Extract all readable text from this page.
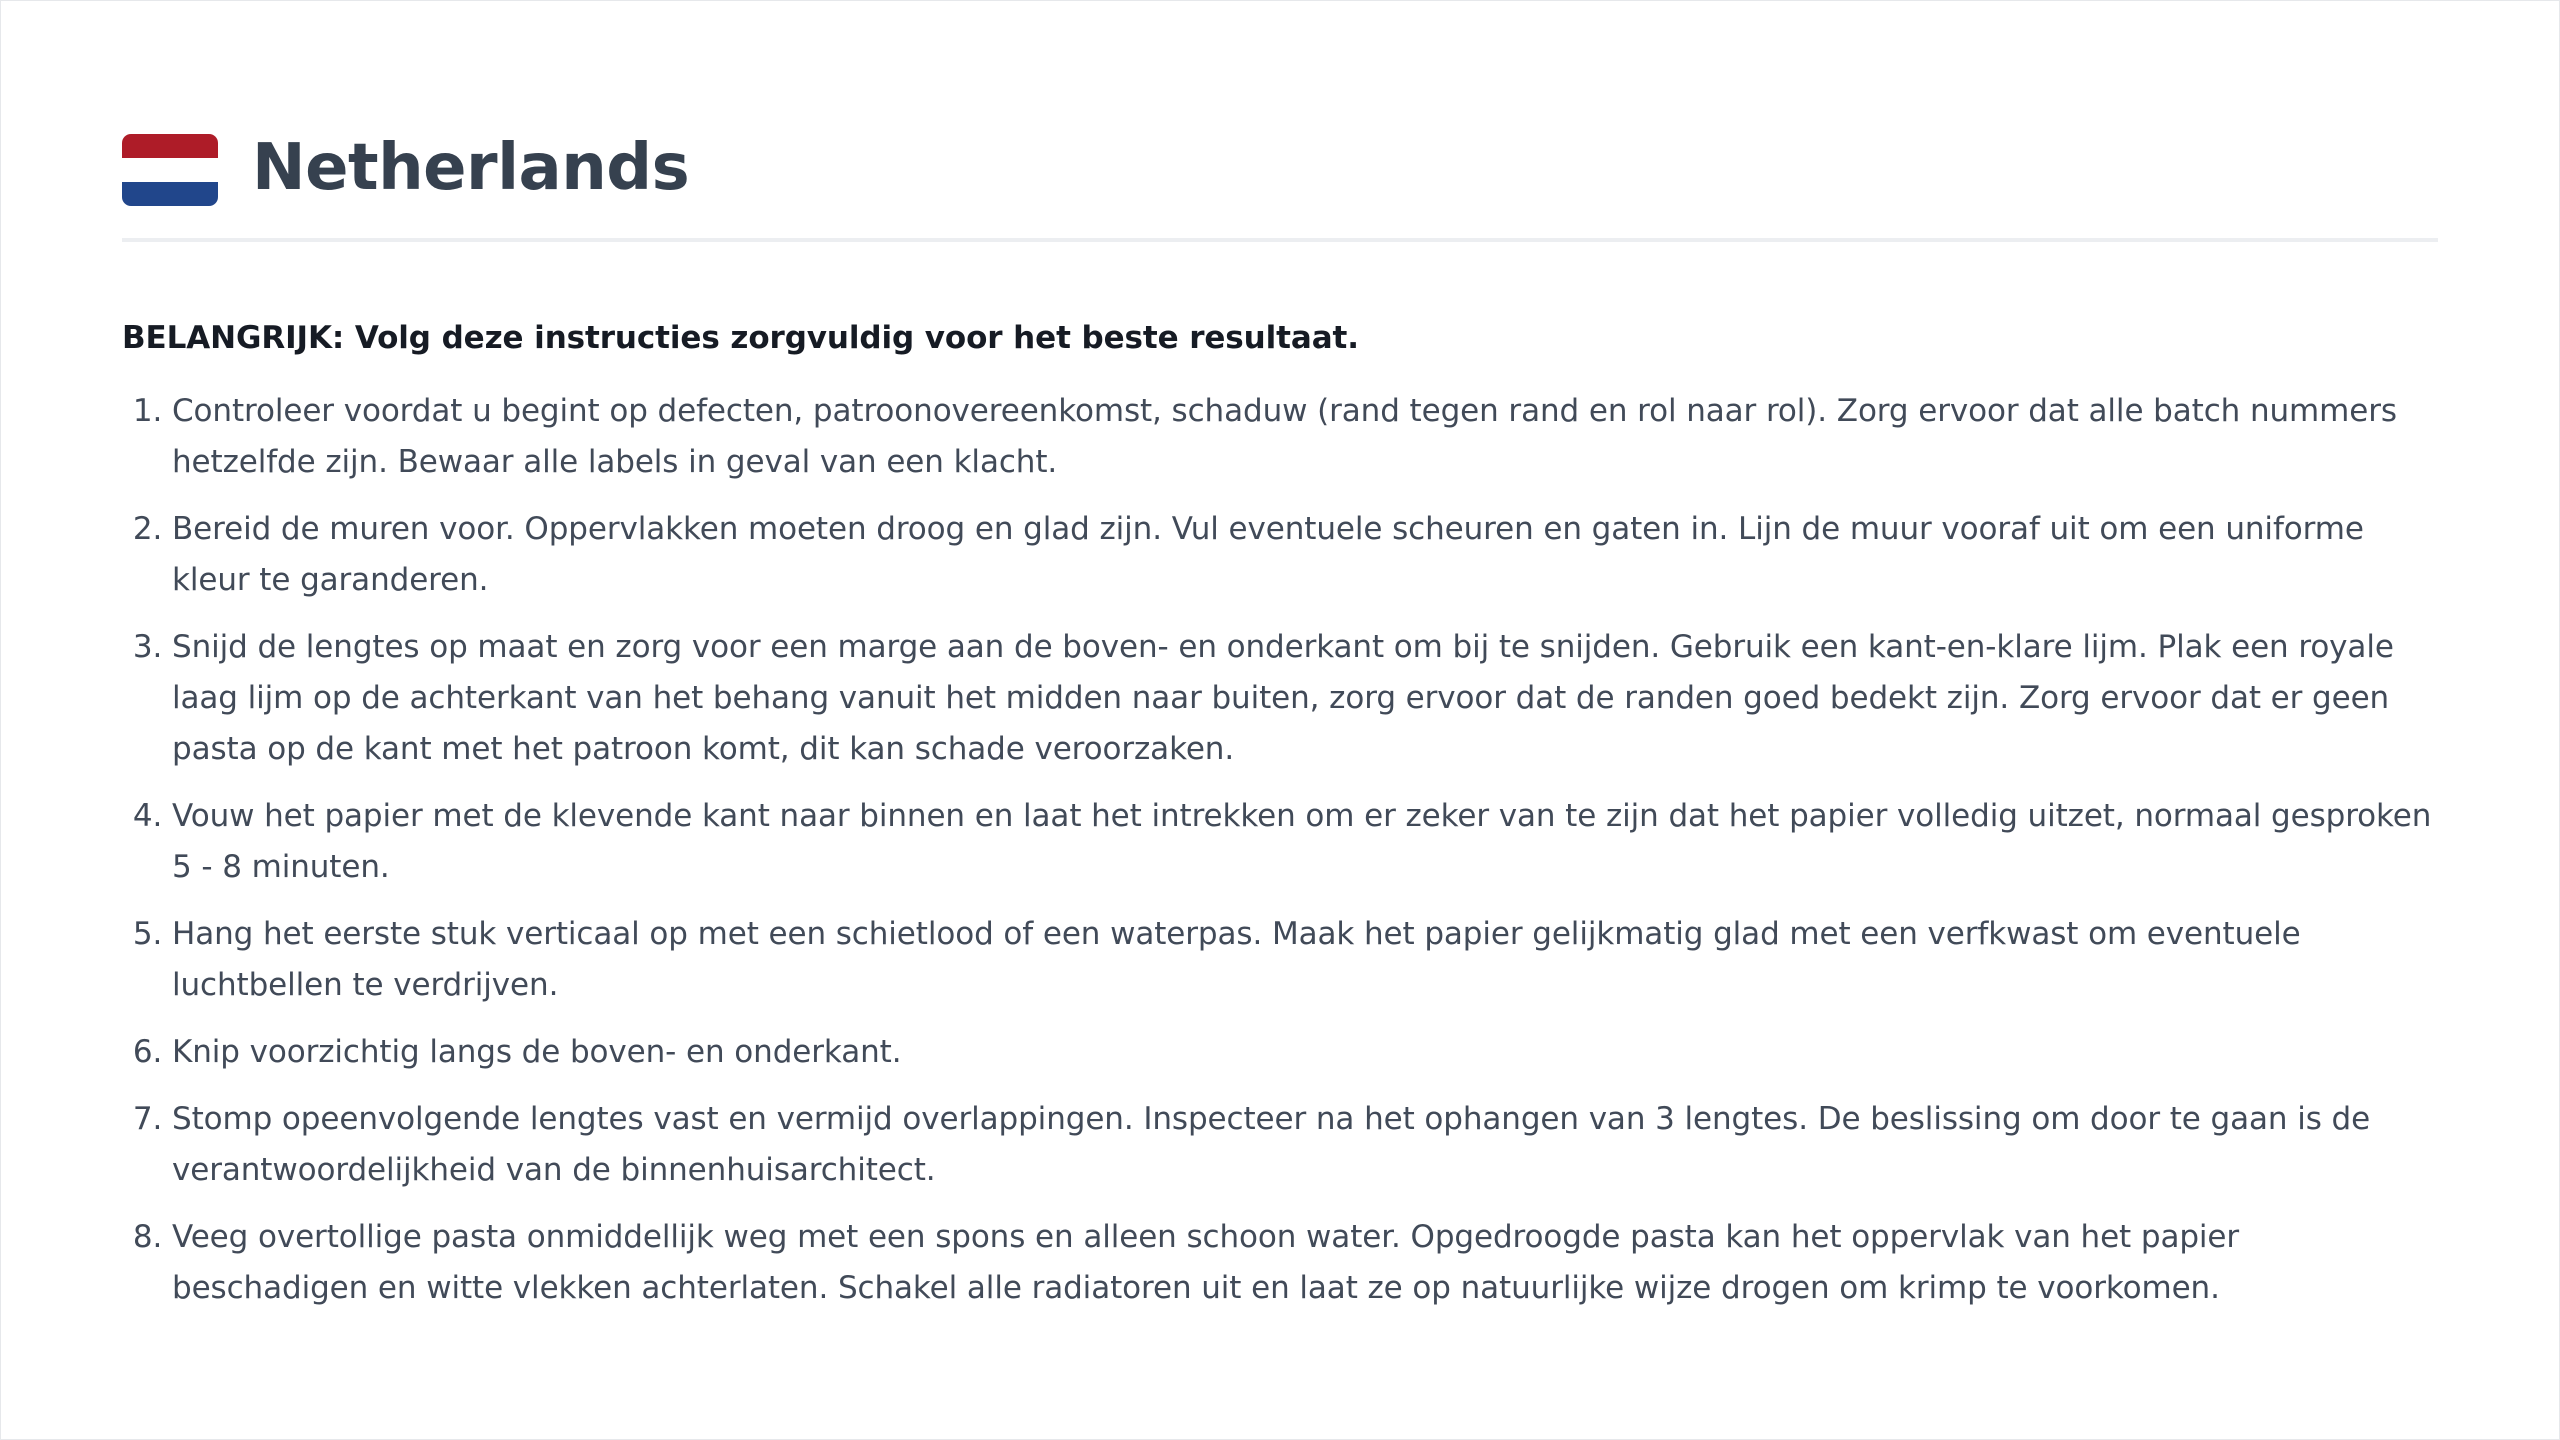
Netherlands
BELANGRIJK: Volg deze instructies zorgvuldig voor het beste resultaat.
1. Controleer voordat u begint op defecten, patroonovereenkomst, schaduw (rand tegen rand en rol naar rol). Zorg ervoor dat alle batch nummers hetzelfde zijn. Bewaar alle labels in geval van een klacht.
2. Bereid de muren voor. Oppervlakken moeten droog en glad zijn. Vul eventuele scheuren en gaten in. Lijn de muur vooraf uit om een uniforme kleur te garanderen.
3. Snijd de lengtes op maat en zorg voor een marge aan de boven- en onderkant om bij te snijden. Gebruik een kant-en-klare lijm. Plak een royale laag lijm op de achterkant van het behang vanuit het midden naar buiten, zorg ervoor dat de randen goed bedekt zijn. Zorg ervoor dat er geen pasta op de kant met het patroon komt, dit kan schade veroorzaken.
4. Vouw het papier met de klevende kant naar binnen en laat het intrekken om er zeker van te zijn dat het papier volledig uitzet, normaal gesproken 5 - 8 minuten.
5. Hang het eerste stuk verticaal op met een schietlood of een waterpas. Maak het papier gelijkmatig glad met een verfkwast om eventuele luchtbellen te verdrijven.
6. Knip voorzichtig langs de boven- en onderkant.
7. Stomp opeenvolgende lengtes vast en vermijd overlappingen. Inspecteer na het ophangen van 3 lengtes. De beslissing om door te gaan is de verantwoordelijkheid van de binnenhuisarchitect.
8. Veeg overtollige pasta onmiddellijk weg met een spons en alleen schoon water. Opgedroogde pasta kan het oppervlak van het papier beschadigen en witte vlekken achterlaten. Schakel alle radiatoren uit en laat ze op natuurlijke wijze drogen om krimp te voorkomen.
